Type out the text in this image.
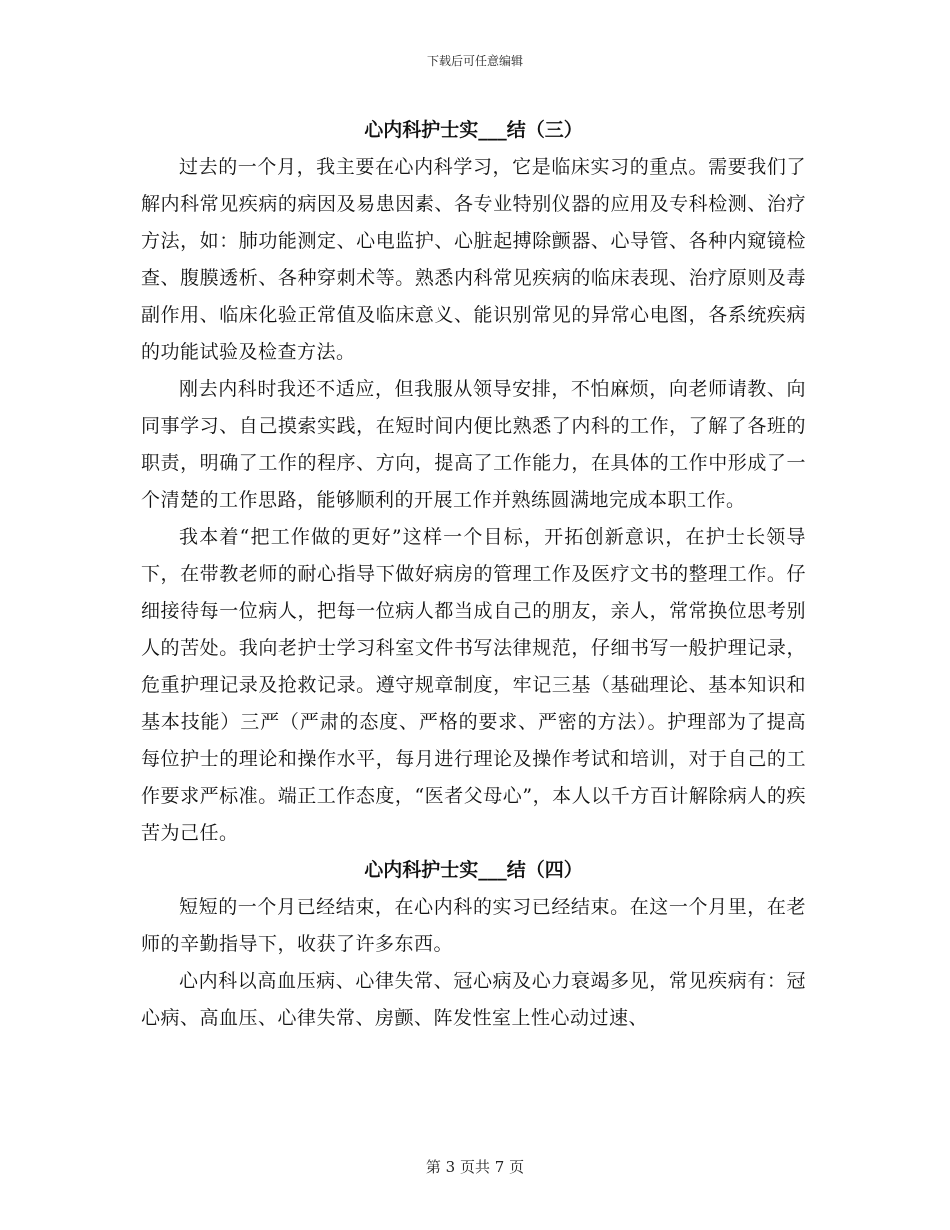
下载后可任意编辑
心内科护士实___结（三）

过去的一个月，我主要在心内科学习，它是临床实习的重点。需要我们了解内科常见疾病的病因及易患因素、各专业特别仪器的应用及专科检测、治疗方法，如：肺功能测定、心电监护、心脏起搏除颤器、心导管、各种内窥镜检查、腹膜透析、各种穿刺术等。熟悉内科常见疾病的临床表现、治疗原则及毒副作用、临床化验正常值及临床意义、能识别常见的异常心电图，各系统疾病的功能试验及检查方法。

刚去内科时我还不适应，但我服从领导安排，不怕麻烦，向老师请教、向同事学习、自己摸索实践，在短时间内便比熟悉了内科的工作，了解了各班的职责，明确了工作的程序、方向，提高了工作能力，在具体的工作中形成了一个清楚的工作思路，能够顺利的开展工作并熟练圆满地完成本职工作。

我本着“把工作做的更好”这样一个目标，开拓创新意识，在护士长领导下，在带教老师的耐心指导下做好病房的管理工作及医疗文书的整理工作。仔细接待每一位病人，把每一位病人都当成自己的朋友，亲人，常常换位思考别人的苦处。我向老护士学习科室文件书写法律规范，仔细书写一般护理记录，危重护理记录及抢救记录。遵守规章制度，牢记三基（基础理论、基本知识和基本技能）三严（严肃的态度、严格的要求、严密的方法）。护理部为了提高每位护士的理论和操作水平，每月进行理论及操作考试和培训，对于自己的工作要求严标准。端正工作态度，“医者父母心”，本人以千方百计解除病人的疾苦为己任。

心内科护士实___结（四）

短短的一个月已经结束，在心内科的实习已经结束。在这一个月里，在老师的辛勤指导下，收获了许多东西。

心内科以高血压病、心律失常、冠心病及心力衰竭多见，常见疾病有：冠心病、高血压、心律失常、房颤、阵发性室上性心动过速、

第 3 页共 7 页
